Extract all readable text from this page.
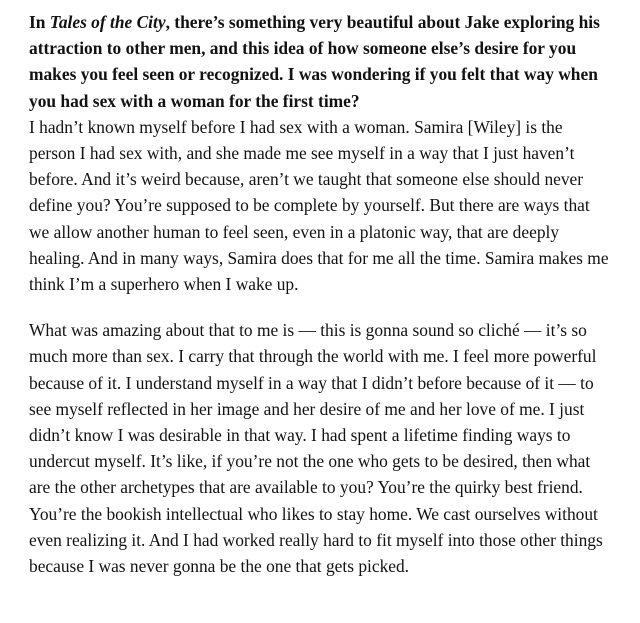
In Tales of the City, there’s something very beautiful about Jake exploring his attraction to other men, and this idea of how someone else’s desire for you makes you feel seen or recognized. I was wondering if you felt that way when you had sex with a woman for the first time?

I hadn’t known myself before I had sex with a woman. Samira [Wiley] is the person I had sex with, and she made me see myself in a way that I just haven’t before. And it’s weird because, aren’t we taught that someone else should never define you? You’re supposed to be complete by yourself. But there are ways that we allow another human to feel seen, even in a platonic way, that are deeply healing. And in many ways, Samira does that for me all the time. Samira makes me think I’m a superhero when I wake up.

What was amazing about that to me is — this is gonna sound so cliché — it’s so much more than sex. I carry that through the world with me. I feel more powerful because of it. I understand myself in a way that I didn’t before because of it — to see myself reflected in her image and her desire of me and her love of me. I just didn’t know I was desirable in that way. I had spent a lifetime finding ways to undercut myself. It’s like, if you’re not the one who gets to be desired, then what are the other archetypes that are available to you? You’re the quirky best friend. You’re the bookish intellectual who likes to stay home. We cast ourselves without even realizing it. And I had worked really hard to fit myself into those other things because I was never gonna be the one that gets picked.
